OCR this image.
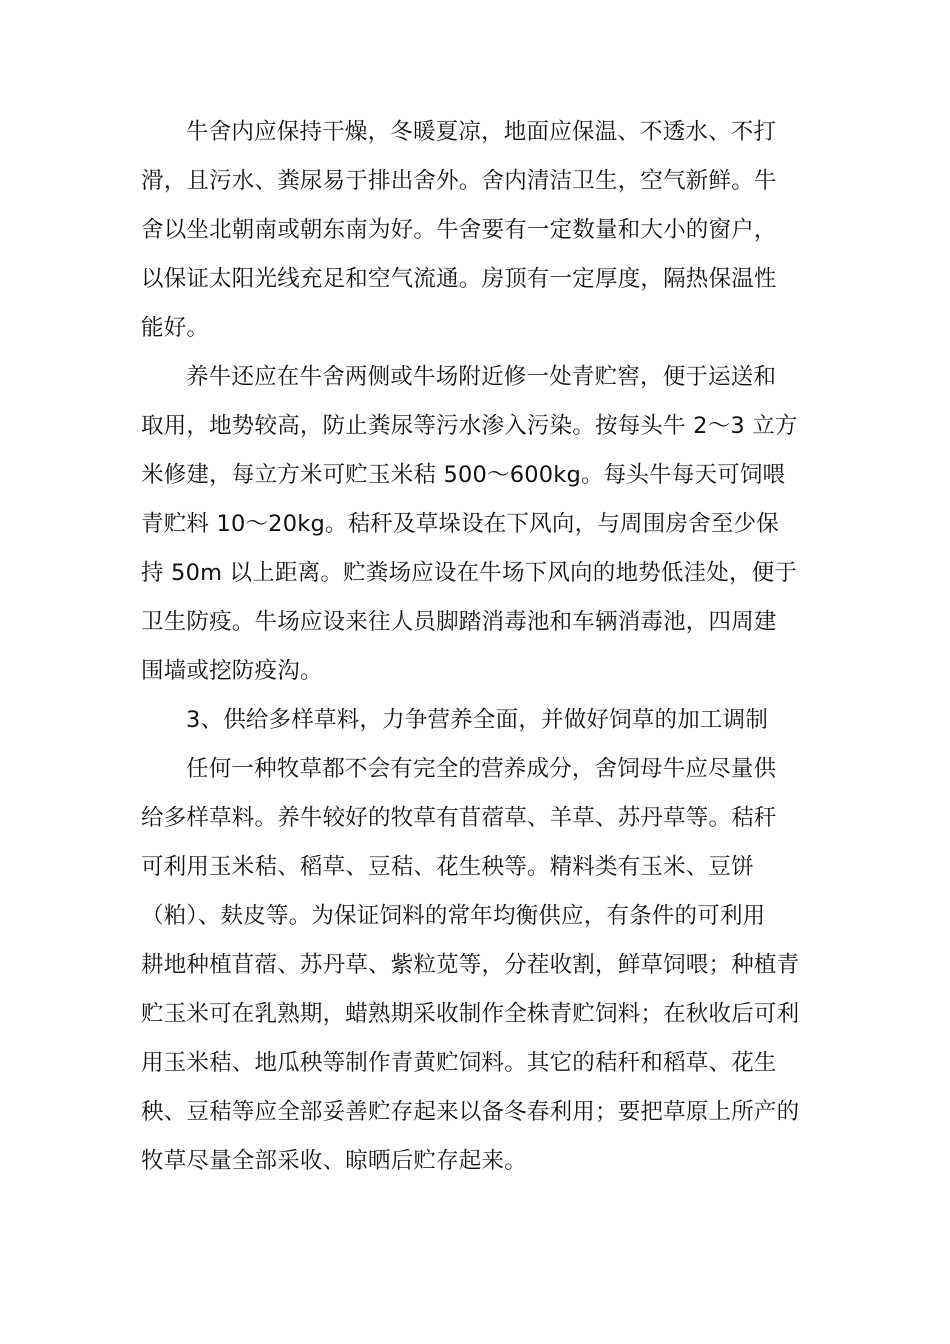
牛舍内应保持干燥，冬暖夏凉，地面应保温、不透水、不打
滑，且污水、粪尿易于排出舍外。舍内清洁卫生，空气新鲜。牛
舍以坐北朝南或朝东南为好。牛舍要有一定数量和大小的窗户，
以保证太阳光线充足和空气流通。房顶有一定厚度，隔热保温性
能好。

养牛还应在牛舍两侧或牛场附近修一处青贮窖，便于运送和
取用，地势较高，防止粪尿等污水渗入污染。按每头牛 2～3 立方
米修建，每立方米可贮玉米秸 500～600kg。每头牛每天可饲喂
青贮料 10～20kg。秸秆及草垛设在下风向，与周围房舍至少保
持 50m 以上距离。贮粪场应设在牛场下风向的地势低洼处，便于
卫生防疫。牛场应设来往人员脚踏消毒池和车辆消毒池，四周建
围墙或挖防疫沟。

3、供给多样草料，力争营养全面，并做好饲草的加工调制

任何一种牧草都不会有完全的营养成分，舍饲母牛应尽量供
给多样草料。养牛较好的牧草有苜蓿草、羊草、苏丹草等。秸秆
可利用玉米秸、稻草、豆秸、花生秧等。精料类有玉米、豆饼
（粕）、麸皮等。为保证饲料的常年均衡供应，有条件的可利用
耕地种植苜蓿、苏丹草、紫粒苋等，分茬收割，鲜草饲喂；种植青
贮玉米可在乳熟期，蜡熟期采收制作全株青贮饲料；在秋收后可利
用玉米秸、地瓜秧等制作青黄贮饲料。其它的秸秆和稻草、花生
秧、豆秸等应全部妥善贮存起来以备冬春利用；要把草原上所产的
牧草尽量全部采收、晾晒后贮存起来。
